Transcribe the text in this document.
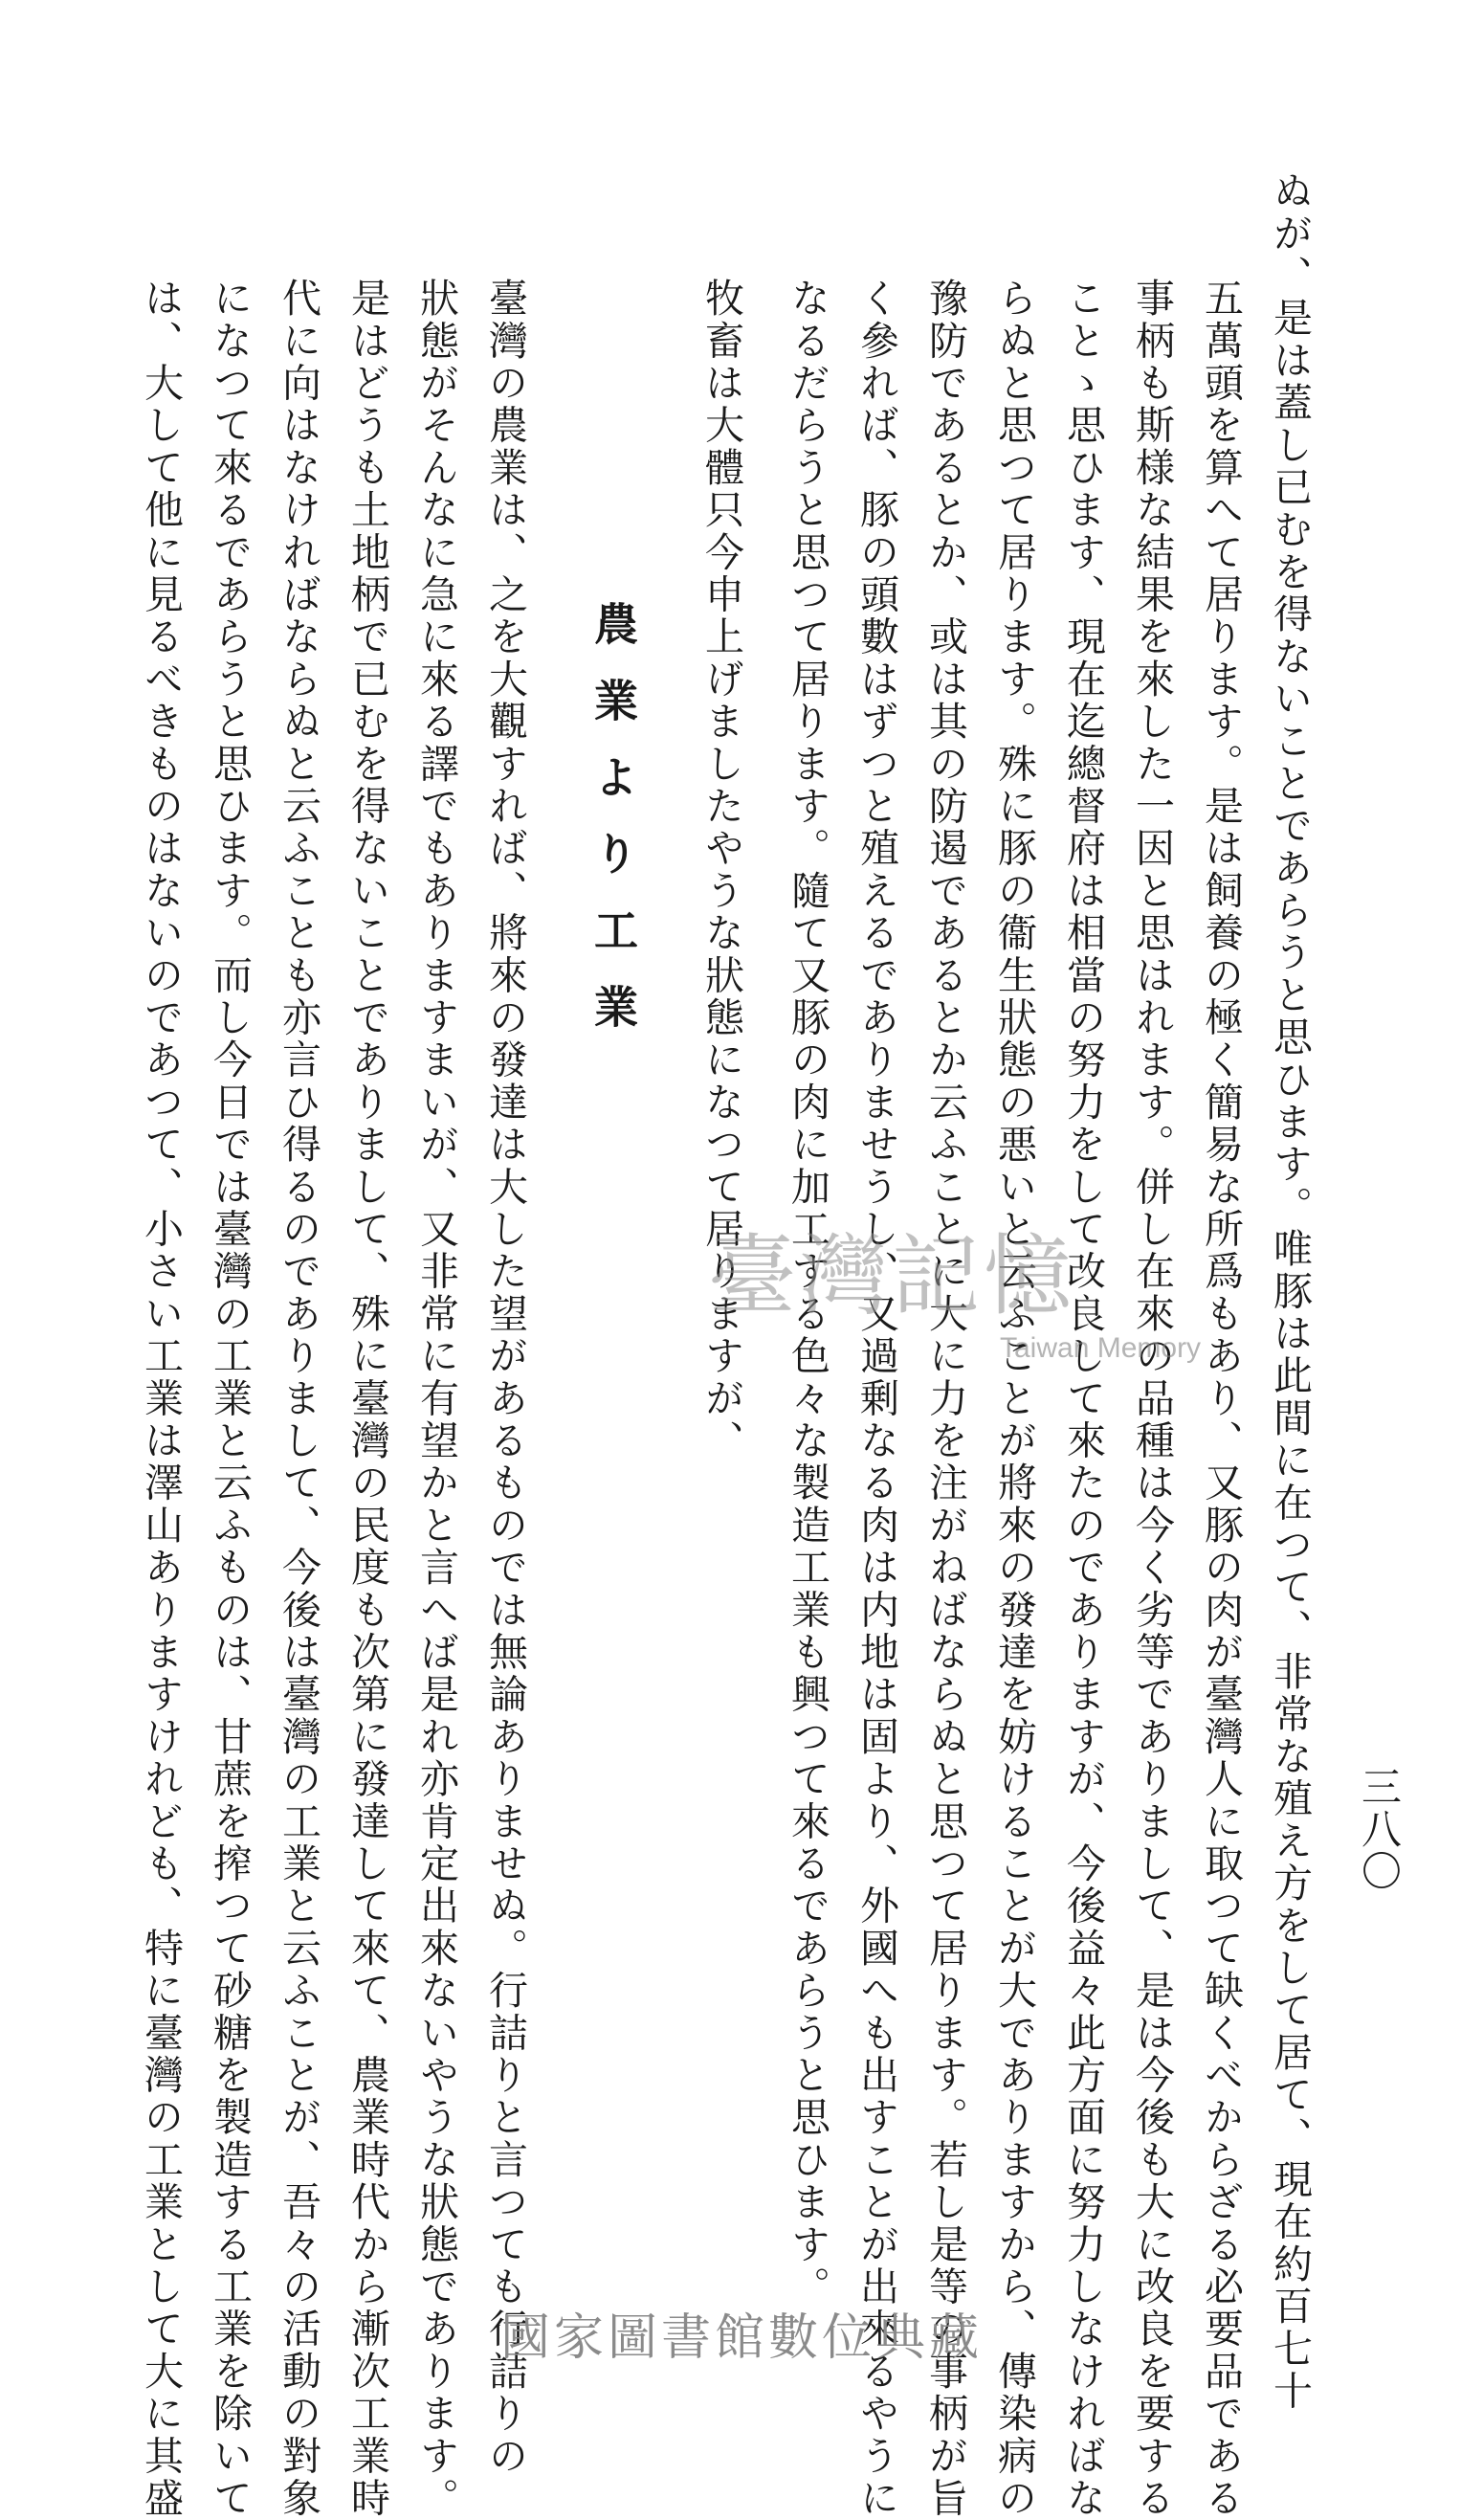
三八〇
ぬが、是は蓋し已むを得ないことであらうと思ひます。唯豚は此間に在つて、非常な殖え方をして居て、現在約百七十
五萬頭を算へて居ります。是は飼養の極く簡易な所爲もあり、又豚の肉が臺灣人に取つて缺くべからざる必要品である
事柄も斯様な結果を來した一因と思はれます。併し在來の品種は今く劣等でありまして、是は今後も大に改良を要する
ことゝ思ひます、現在迄總督府は相當の努力をして改良して來たのでありますが、今後益々此方面に努力しなければな
らぬと思つて居ります。殊に豚の衞生狀態の悪いと云ふことが將來の發達を妨けることが大でありますから、傳染病の
豫防であるとか、或は其の防遏であるとか云ふことに大に力を注がねばならぬと思つて居ります。若し是等の事柄が旨
く參れば、豚の頭數はずつと殖えるでありませうし、又過剰なる肉は内地は固より、外國へも出すことが出來るやうに
なるだらうと思つて居ります。隨て又豚の肉に加工する色々な製造工業も興つて來るであらうと思ひます。
牧畜は大體只今申上げましたやうな狀態になつて居りますが、
農業より工業
臺灣の農業は、之を大觀すれば、將來の發達は大した望があるものでは無論ありませぬ。行詰りと言つても行詰りの
狀態がそんなに急に來る譯でもありますまいが、又非常に有望かと言へば是れ亦肯定出來ないやうな狀態であります。
是はどうも土地柄で已むを得ないことでありまして、殊に臺灣の民度も次第に發達して來て、農業時代から漸次工業時
代に向はなければならぬと云ふことも亦言ひ得るのでありまして、今後は臺灣の工業と云ふことが、吾々の活動の對象
になつて來るであらうと思ひます。而し今日では臺灣の工業と云ふものは、甘蔗を搾つて砂糖を製造する工業を除いて
は、大して他に見るべきものはないのであつて、小さい工業は澤山ありますけれども、特に臺灣の工業として大に其盛	臺灣記憶
Taiwan Memory
國家圖書館數位典藏
